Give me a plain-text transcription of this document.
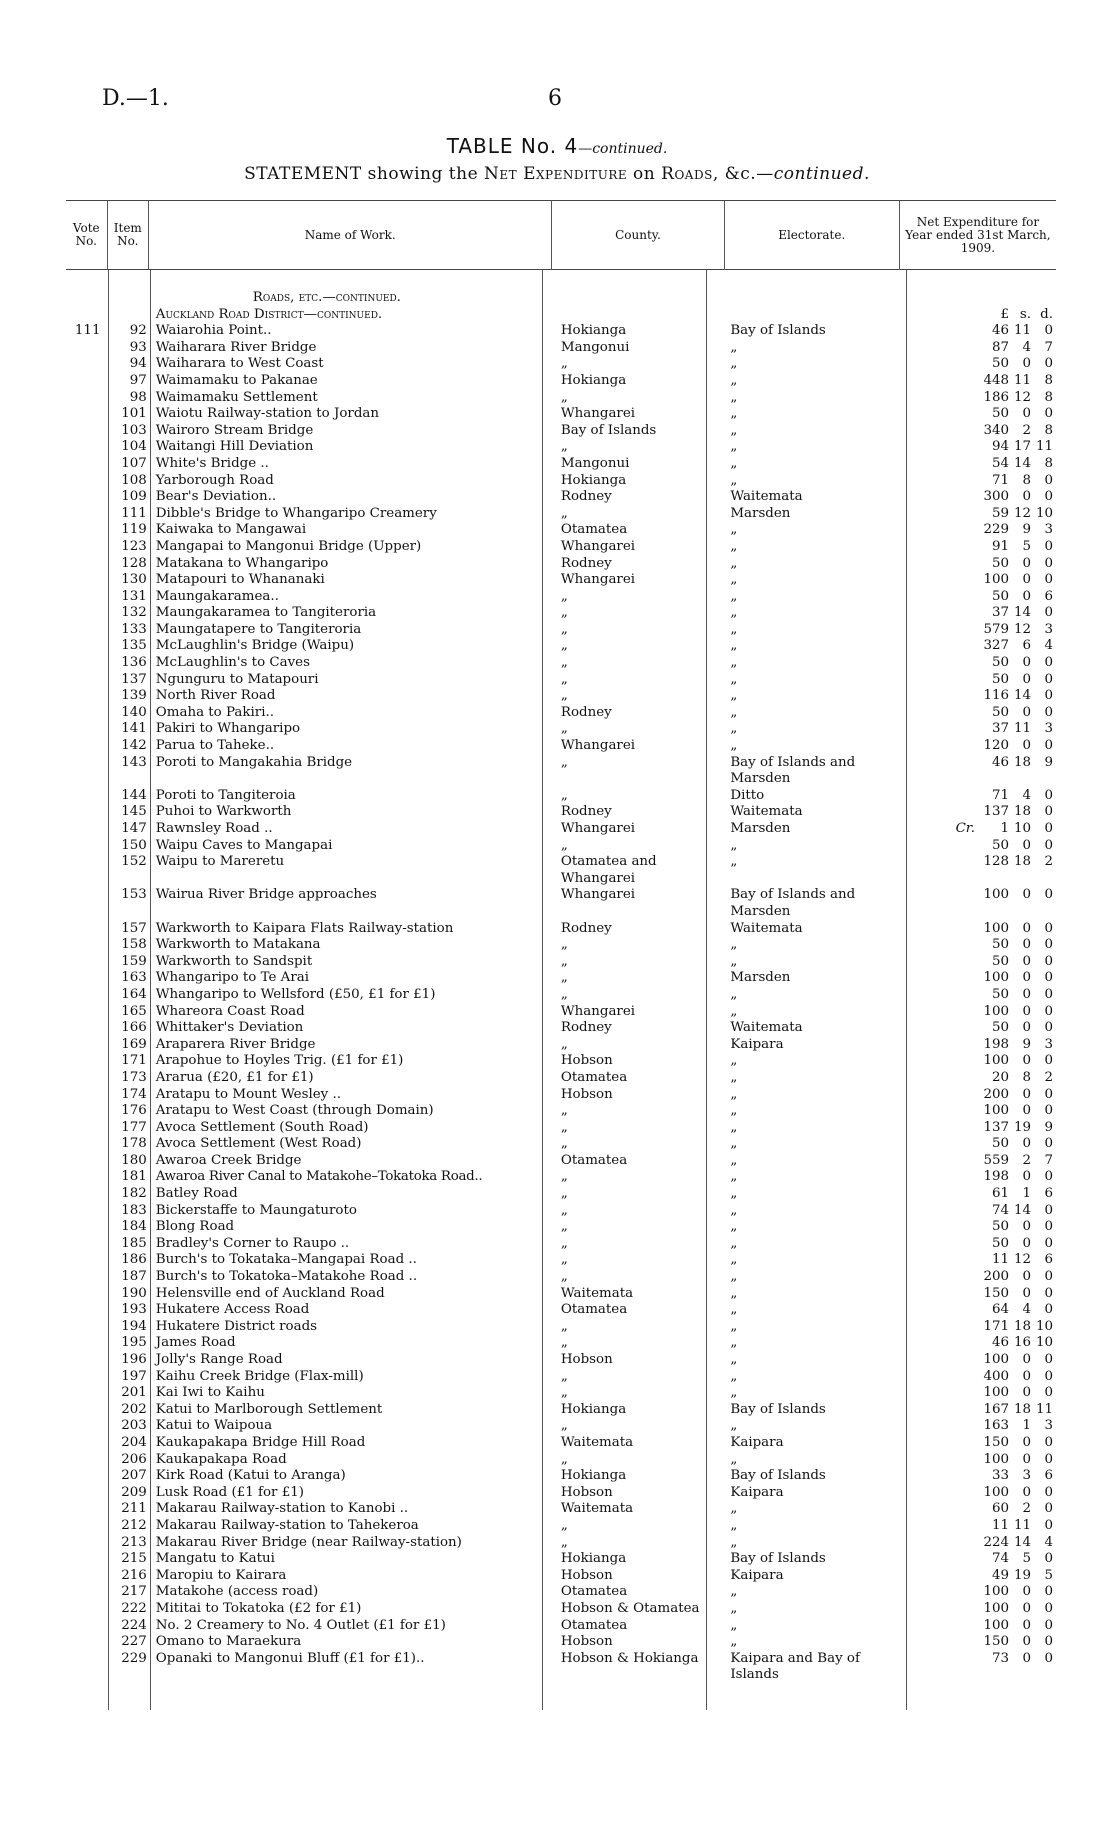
D.—1.	6
TABLE No. 4—continued.
STATEMENT showing the Net Expenditure on Roads, &c.—continued.
Vote No.	Item No.	Name of Work.	County.	Electorate.	Net Expenditure for Year ended 31st March, 1909.
		Roads, etc.—continued.			
		Auckland Road District—continued.			£ s. d.
111	92	Waiarohia Point..	Hokianga	Bay of Islands	46 11 0
	93	Waiharara River Bridge	Mangonui	„	87 4 7
	94	Waiharara to West Coast	„	„	50 0 0
	97	Waimamaku to Pakanae	Hokianga	„	448 11 8
	98	Waimamaku Settlement	„	„	186 12 8
	101	Waiotu Railway-station to Jordan	Whangarei	„	50 0 0
	103	Wairoro Stream Bridge	Bay of Islands	„	340 2 8
	104	Waitangi Hill Deviation	„	„	94 17 11
	107	White's Bridge ..	Mangonui	„	54 14 8
	108	Yarborough Road	Hokianga	„	71 8 0
	109	Bear's Deviation..	Rodney	Waitemata	300 0 0
	111	Dibble's Bridge to Whangaripo Creamery	„	Marsden	59 12 10
	119	Kaiwaka to Mangawai	Otamatea	„	229 9 3
	123	Mangapai to Mangonui Bridge (Upper)	Whangarei	„	91 5 0
	128	Matakana to Whangaripo	Rodney	„	50 0 0
	130	Matapouri to Whananaki	Whangarei	„	100 0 0
	131	Maungakaramea..	„	„	50 0 6
	132	Maungakaramea to Tangiteroria	„	„	37 14 0
	133	Maungatapere to Tangiteroria	„	„	579 12 3
	135	McLaughlin's Bridge (Waipu)	„	„	327 6 4
	136	McLaughlin's to Caves	„	„	50 0 0
	137	Ngunguru to Matapouri	„	„	50 0 0
	139	North River Road	„	„	116 14 0
	140	Omaha to Pakiri..	Rodney	„	50 0 0
	141	Pakiri to Whangaripo	„	„	37 11 3
	142	Parua to Taheke..	Whangarei	„	120 0 0
	143	Poroti to Mangakahia Bridge	„	Bay of Islands and Marsden	46 18 9
	144	Poroti to Tangiteroia	„	Ditto	71 4 0
	145	Puhoi to Warkworth	Rodney	Waitemata	137 18 0
	147	Rawnsley Road ..	Whangarei	Marsden	Cr. 1 10 0
	150	Waipu Caves to Mangapai	„	„	50 0 0
	152	Waipu to Mareretu	Otamatea and Whangarei	„	128 18 2
	153	Wairua River Bridge approaches	Whangarei	Bay of Islands and Marsden	100 0 0
	157	Warkworth to Kaipara Flats Railway-station	Rodney	Waitemata	100 0 0
	158	Warkworth to Matakana	„	„	50 0 0
	159	Warkworth to Sandspit	„	„	50 0 0
	163	Whangaripo to Te Arai	„	Marsden	100 0 0
	164	Whangaripo to Wellsford (£50, £1 for £1)	„	„	50 0 0
	165	Whareora Coast Road	Whangarei	„	100 0 0
	166	Whittaker's Deviation	Rodney	Waitemata	50 0 0
	169	Araparera River Bridge	„	Kaipara	198 9 3
	171	Arapohue to Hoyles Trig. (£1 for £1)	Hobson	„	100 0 0
	173	Ararua (£20, £1 for £1)	Otamatea	„	20 8 2
	174	Aratapu to Mount Wesley ..	Hobson	„	200 0 0
	176	Aratapu to West Coast (through Domain)	„	„	100 0 0
	177	Avoca Settlement (South Road)	„	„	137 19 9
	178	Avoca Settlement (West Road)	„	„	50 0 0
	180	Awaroa Creek Bridge	Otamatea	„	559 2 7
	181	Awaroa River Canal to Matakohe–Tokatoka Road..	„	„	198 0 0
	182	Batley Road	„	„	61 1 6
	183	Bickerstaffe to Maungaturoto	„	„	74 14 0
	184	Blong Road	„	„	50 0 0
	185	Bradley's Corner to Raupo ..	„	„	50 0 0
	186	Burch's to Tokataka–Mangapai Road ..	„	„	11 12 6
	187	Burch's to Tokatoka–Matakohe Road ..	„	„	200 0 0
	190	Helensville end of Auckland Road	Waitemata	„	150 0 0
	193	Hukatere Access Road	Otamatea	„	64 4 0
	194	Hukatere District roads	„	„	171 18 10
	195	James Road	„	„	46 16 10
	196	Jolly's Range Road	Hobson	„	100 0 0
	197	Kaihu Creek Bridge (Flax-mill)	„	„	400 0 0
	201	Kai Iwi to Kaihu	„	„	100 0 0
	202	Katui to Marlborough Settlement	Hokianga	Bay of Islands	167 18 11
	203	Katui to Waipoua	„	„	163 1 3
	204	Kaukapakapa Bridge Hill Road	Waitemata	Kaipara	150 0 0
	206	Kaukapakapa Road	„	„	100 0 0
	207	Kirk Road (Katui to Aranga)	Hokianga	Bay of Islands	33 3 6
	209	Lusk Road (£1 for £1)	Hobson	Kaipara	100 0 0
	211	Makarau Railway-station to Kanobi ..	Waitemata	„	60 2 0
	212	Makarau Railway-station to Tahekeroa	„	„	11 11 0
	213	Makarau River Bridge (near Railway-station)	„	„	224 14 4
	215	Mangatu to Katui	Hokianga	Bay of Islands	74 5 0
	216	Maropiu to Kairara	Hobson	Kaipara	49 19 5
	217	Matakohe (access road)	Otamatea	„	100 0 0
	222	Mititai to Tokatoka (£2 for £1)	Hobson & Otamatea	„	100 0 0
	224	No. 2 Creamery to No. 4 Outlet (£1 for £1)	Otamatea	„	100 0 0
	227	Omano to Maraekura	Hobson	„	150 0 0
	229	Opanaki to Mangonui Bluff (£1 for £1)..	Hobson & Hokianga	Kaipara and Bay of Islands	73 0 0
